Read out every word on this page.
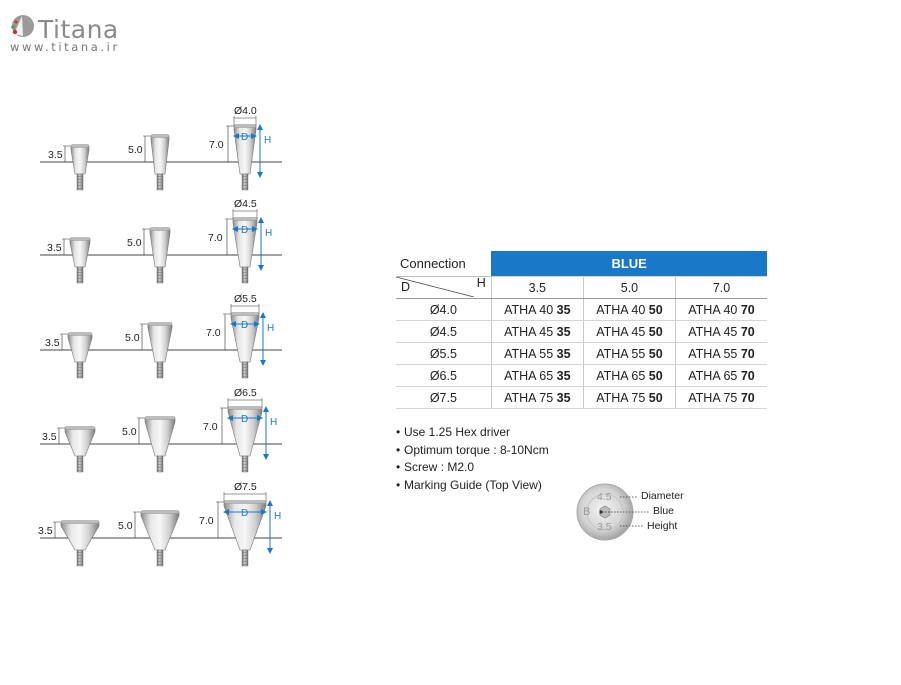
Titana
www.titana.ir
3.5	5.0	7.0
Ø4.0
D H
3.5	5.0	7.0
Ø4.5
D H
3.5	5.0	7.0
Ø5.5
D H
3.5	5.0	7.0
Ø6.5
D H
3.5	5.0	7.0
Ø7.5
D	H
Connection	BLUE		

D H	3.5	5.0	7.0
Ø4.0	ATHA 40 35	ATHA 40 50	ATHA 40 70
Ø4.5	ATHA 45 35	ATHA 45 50	ATHA 45 70
Ø5.5	ATHA 55 35	ATHA 55 50	ATHA 55 70
Ø6.5	ATHA 65 35	ATHA 65 50	ATHA 65 70
Ø7.5	ATHA 75 35	ATHA 75 50	ATHA 75 70
• Use 1.25 Hex driver
• Optimum torque : 8-10Ncm
• Screw : M2.0
• Marking Guide (Top View)
4.5
B
3.5
Diameter
Blue
Height
